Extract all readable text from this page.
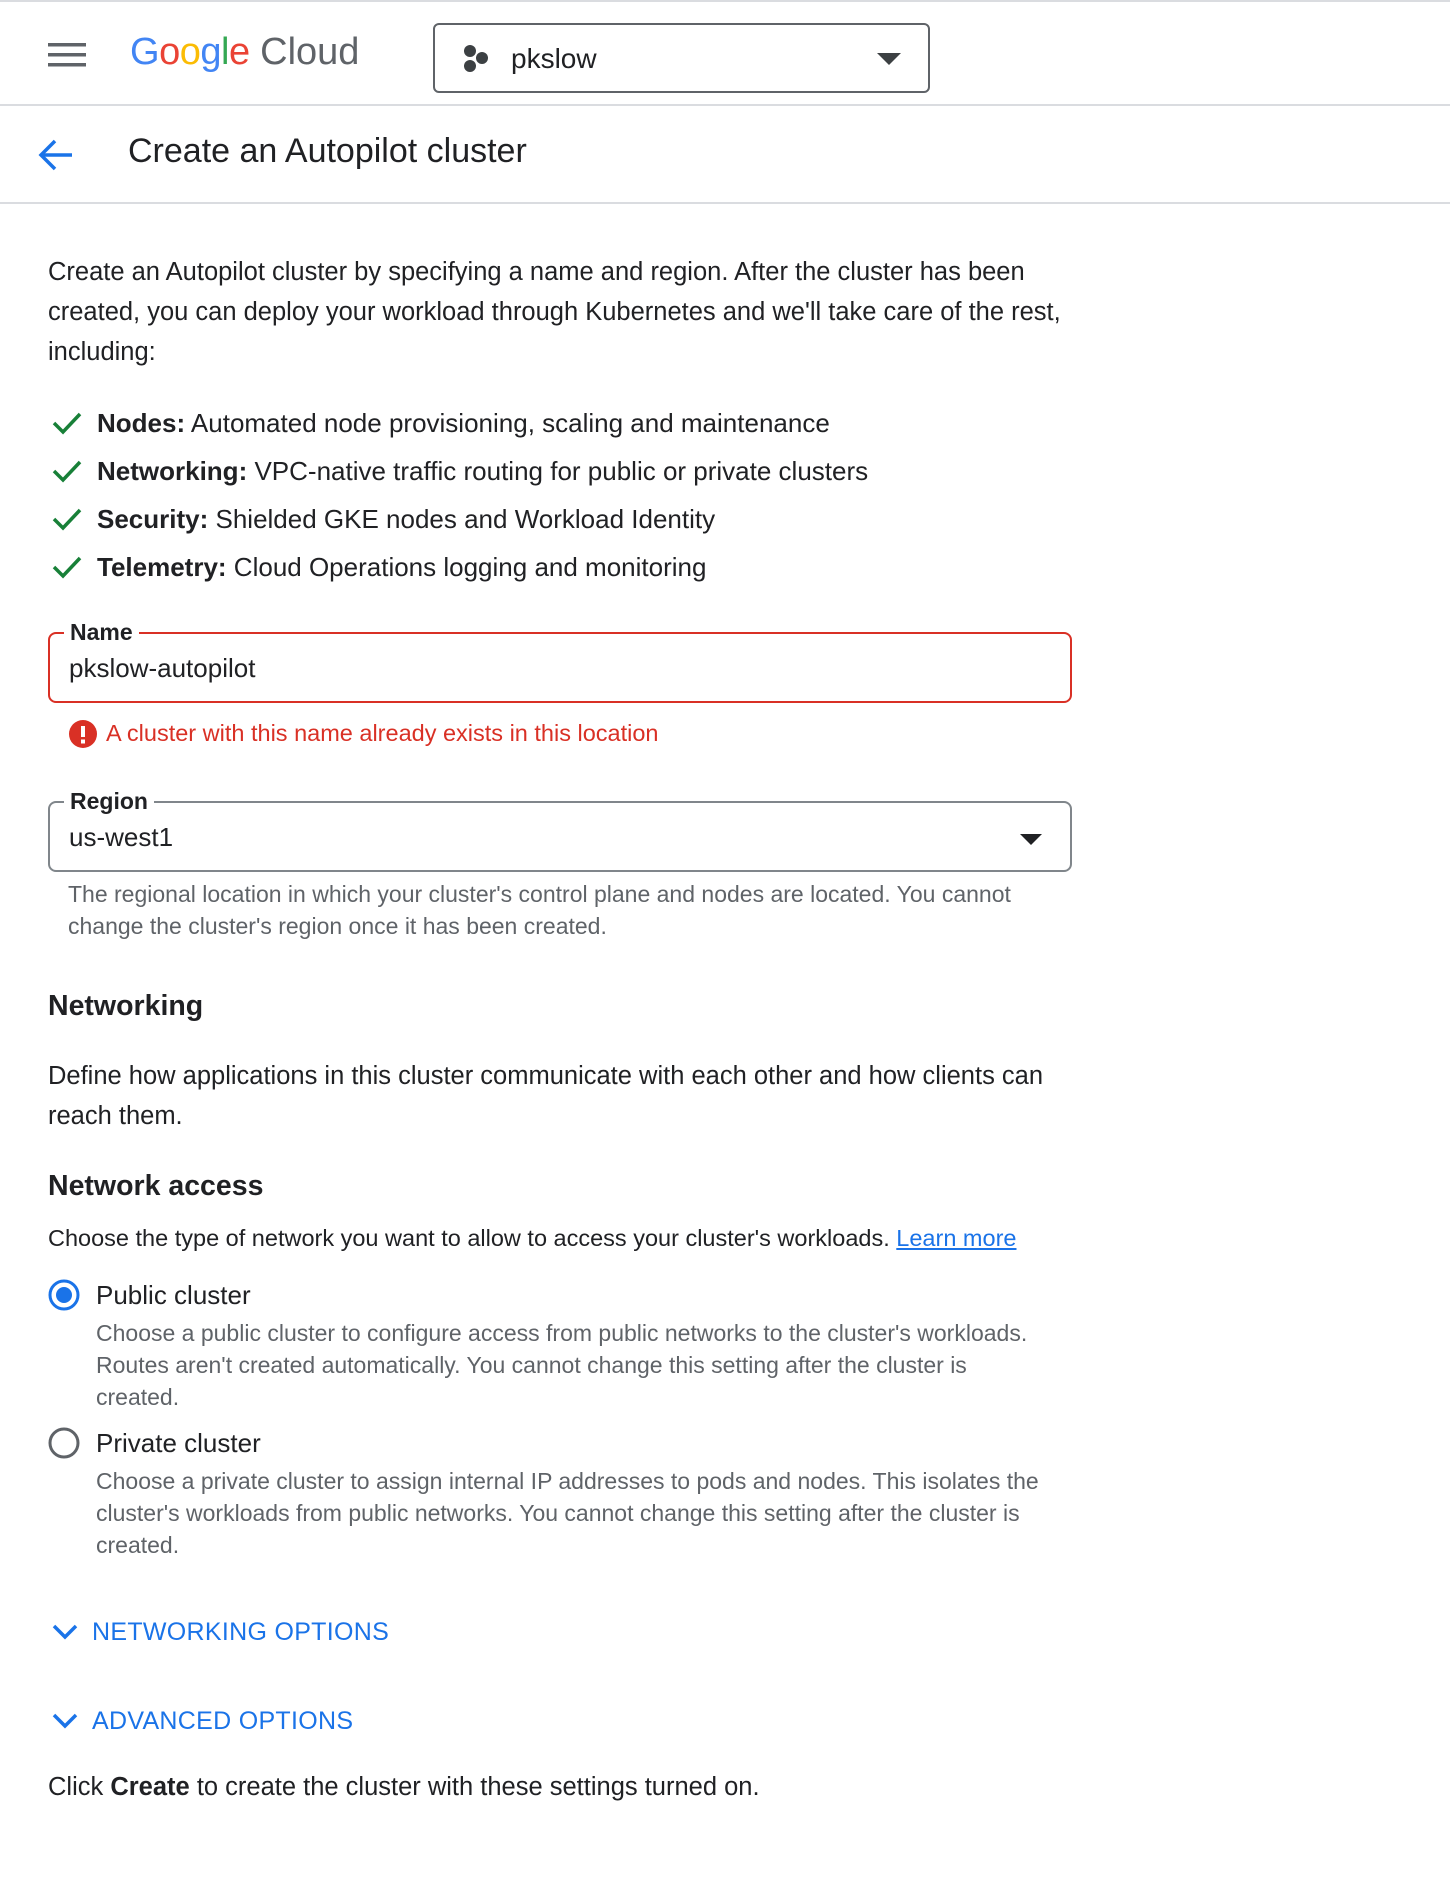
Google Cloud	pkslow
Create an Autopilot cluster
Create an Autopilot cluster by specifying a name and region. After the cluster has been created, you can deploy your workload through Kubernetes and we'll take care of the rest, including:
Nodes: Automated node provisioning, scaling and maintenance
Networking: VPC-native traffic routing for public or private clusters
Security: Shielded GKE nodes and Workload Identity
Telemetry: Cloud Operations logging and monitoring
Name
pkslow-autopilot
A cluster with this name already exists in this location
Region
us-west1
The regional location in which your cluster's control plane and nodes are located. You cannot change the cluster's region once it has been created.
Networking
Define how applications in this cluster communicate with each other and how clients can reach them.
Network access
Choose the type of network you want to allow to access your cluster's workloads. Learn more
Public cluster
Choose a public cluster to configure access from public networks to the cluster's workloads. Routes aren't created automatically. You cannot change this setting after the cluster is created.
Private cluster
Choose a private cluster to assign internal IP addresses to pods and nodes. This isolates the cluster's workloads from public networks. You cannot change this setting after the cluster is created.
NETWORKING OPTIONS
ADVANCED OPTIONS
Click Create to create the cluster with these settings turned on.
